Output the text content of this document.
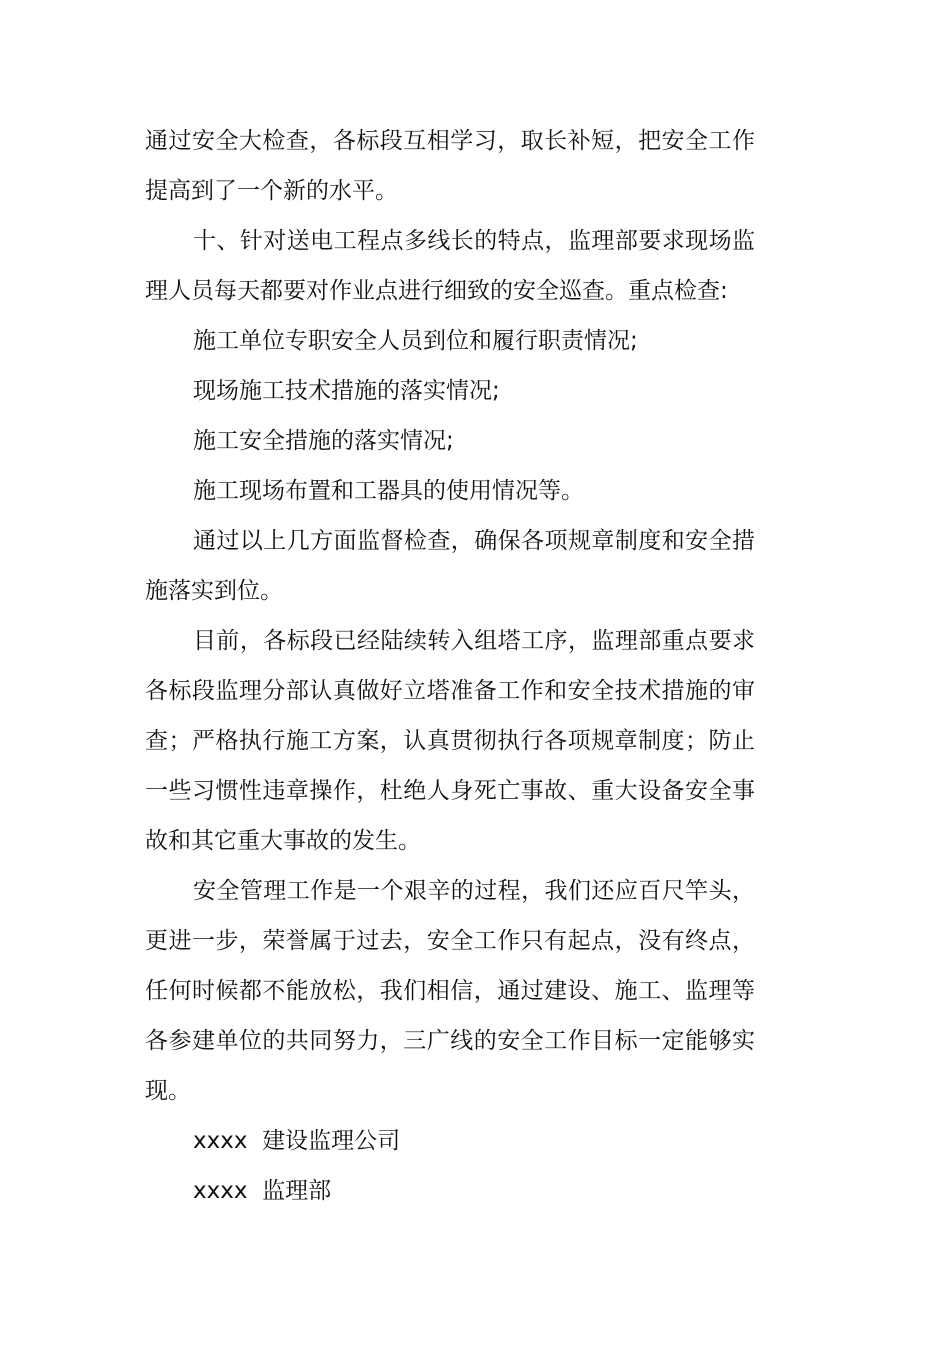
通过安全大检查，各标段互相学习，取长补短，把安全工作提高到了一个新的水平。

十、针对送电工程点多线长的特点，监理部要求现场监理人员每天都要对作业点进行细致的安全巡查。重点检查:

施工单位专职安全人员到位和履行职责情况;

现场施工技术措施的落实情况;

施工安全措施的落实情况;

施工现场布置和工器具的使用情况等。

通过以上几方面监督检查，确保各项规章制度和安全措施落实到位。

目前，各标段已经陆续转入组塔工序，监理部重点要求各标段监理分部认真做好立塔准备工作和安全技术措施的审查；严格执行施工方案，认真贯彻执行各项规章制度；防止一些习惯性违章操作，杜绝人身死亡事故、重大设备安全事故和其它重大事故的发生。

安全管理工作是一个艰辛的过程，我们还应百尺竿头，更进一步，荣誉属于过去，安全工作只有起点，没有终点，任何时候都不能放松，我们相信，通过建设、施工、监理等各参建单位的共同努力，三广线的安全工作目标一定能够实现。

xxxx  建设监理公司

xxxx  监理部
